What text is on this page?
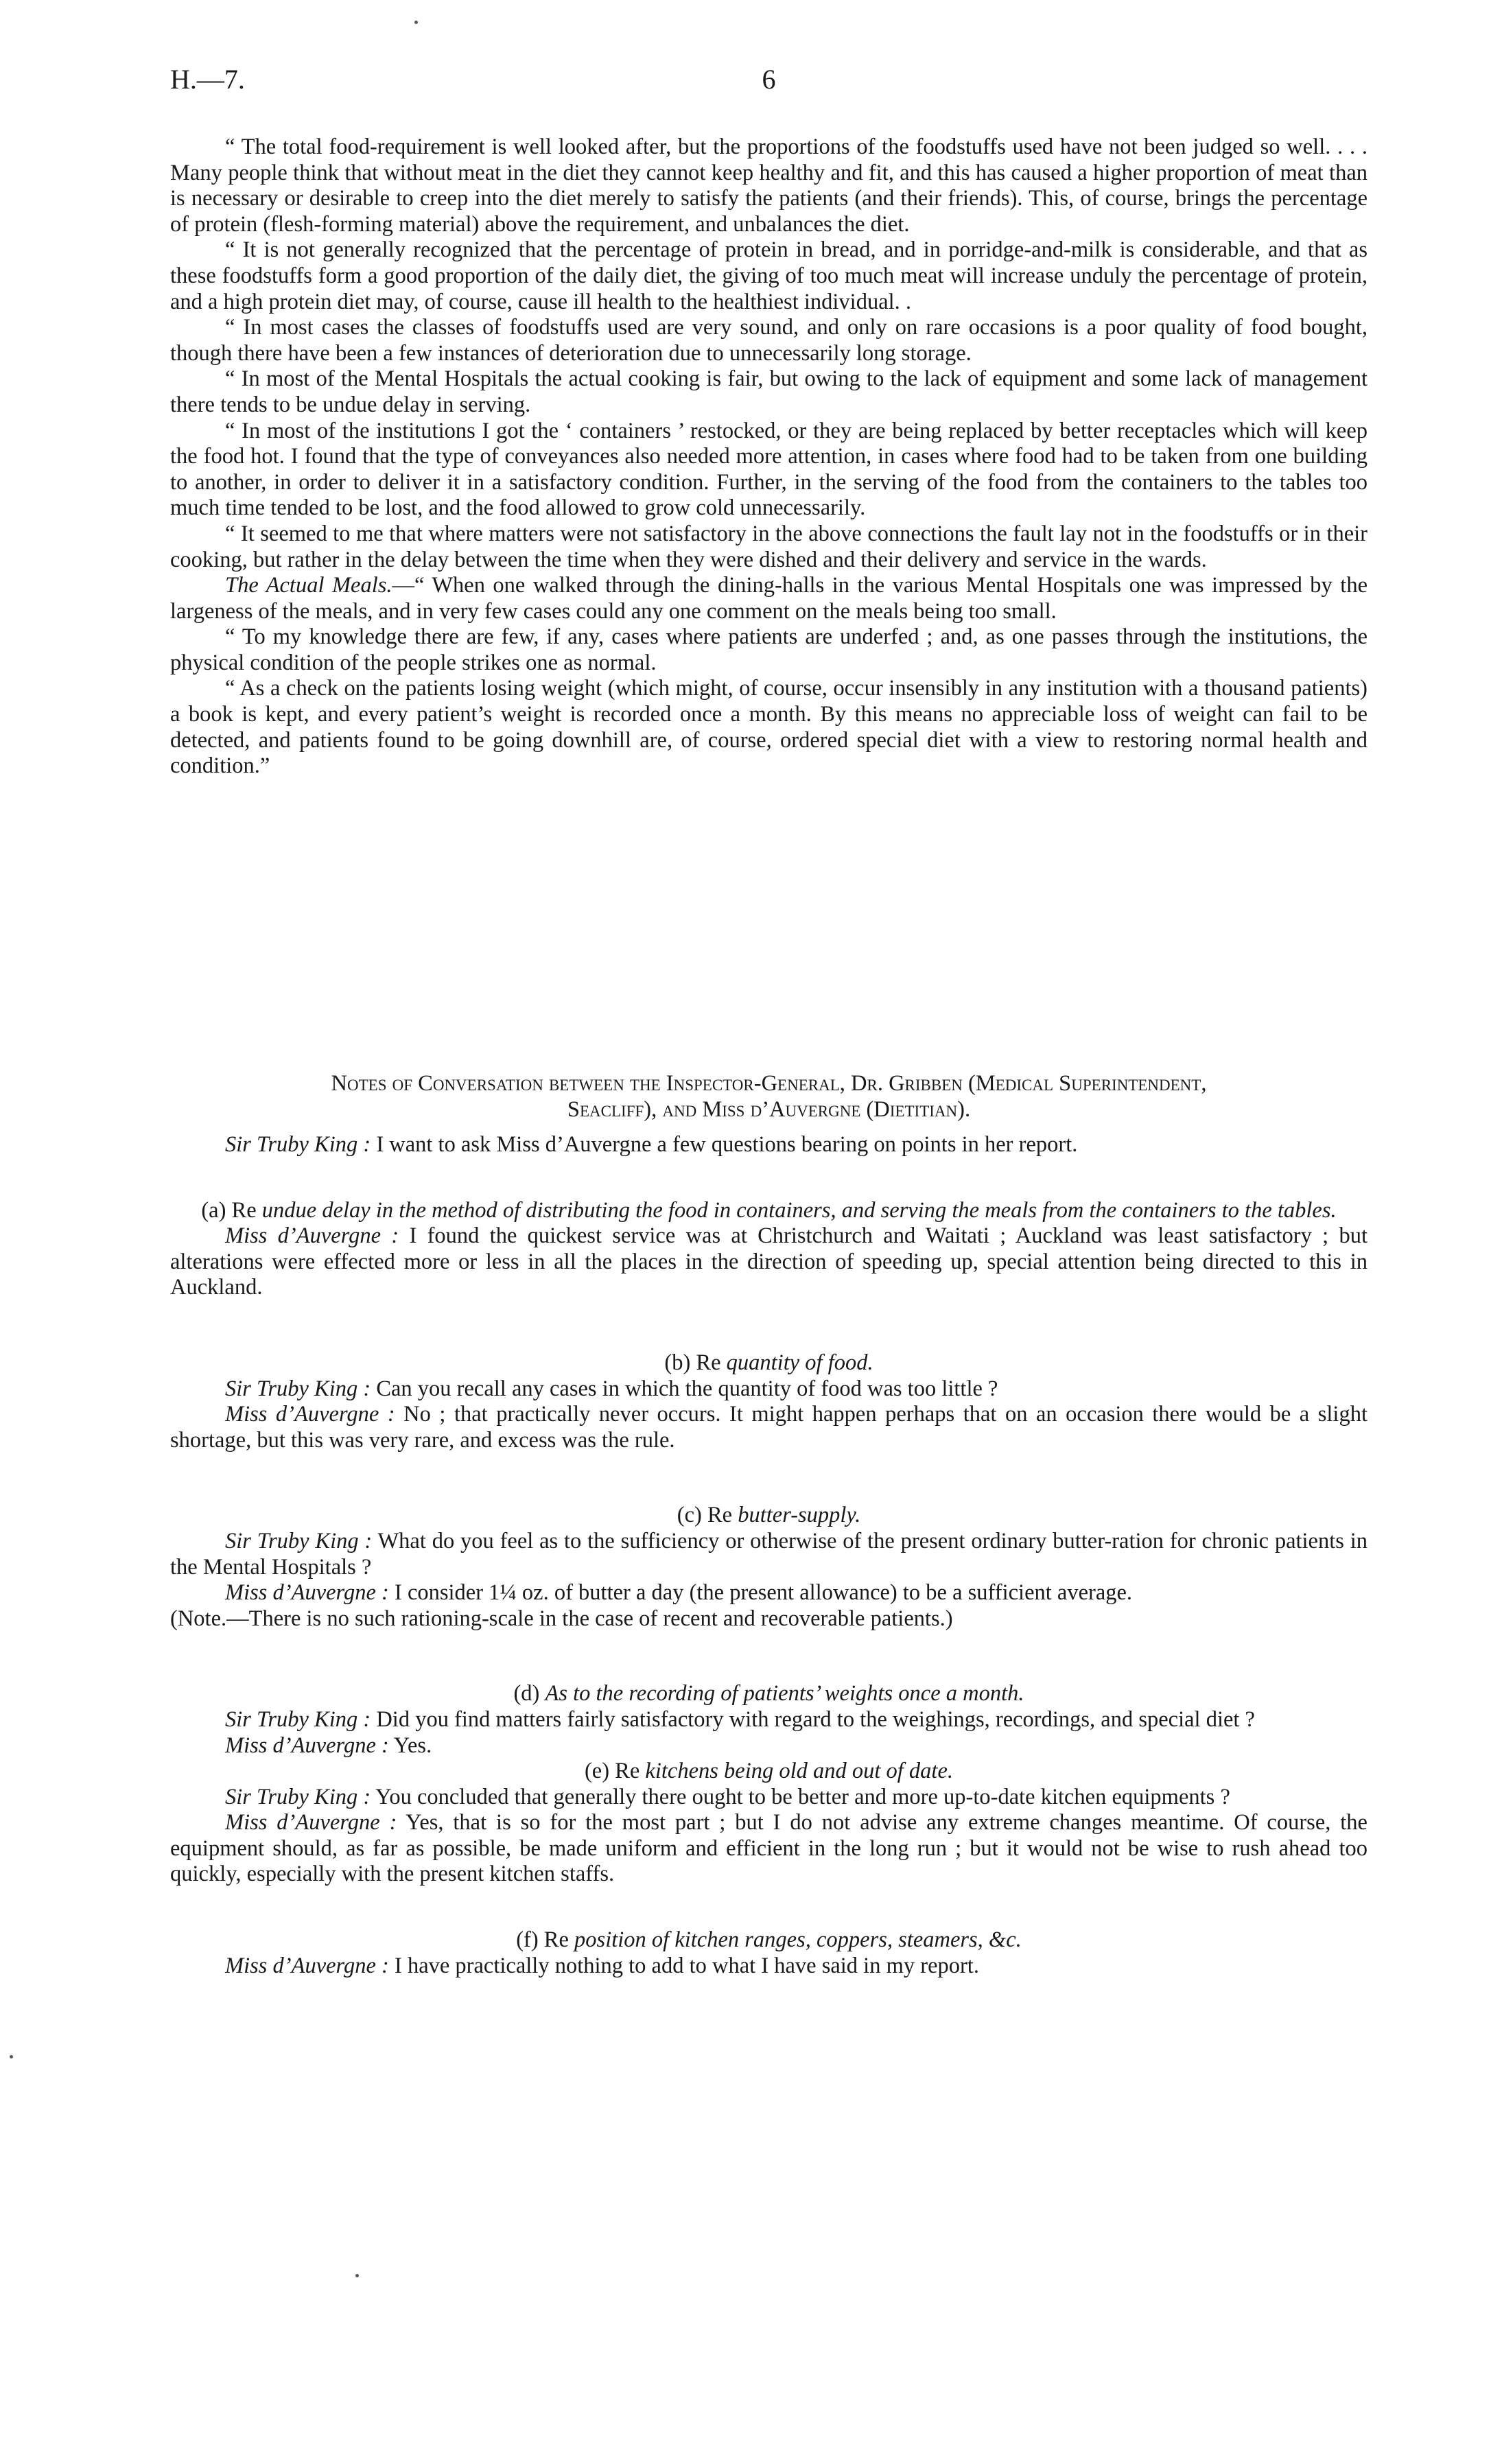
H.—7.	6

“ The total food-requirement is well looked after, but the proportions of the foodstuffs used have not been judged so well. . . . Many people think that without meat in the diet they cannot keep healthy and fit, and this has caused a higher proportion of meat than is necessary or desirable to creep into the diet merely to satisfy the patients (and their friends). This, of course, brings the percentage of protein (flesh-forming material) above the requirement, and unbalances the diet.

“ It is not generally recognized that the percentage of protein in bread, and in porridge-and-milk is considerable, and that as these foodstuffs form a good proportion of the daily diet, the giving of too much meat will increase unduly the percentage of protein, and a high protein diet may, of course, cause ill health to the healthiest individual. .

“ In most cases the classes of foodstuffs used are very sound, and only on rare occasions is a poor quality of food bought, though there have been a few instances of deterioration due to unnecessarily long storage.

“ In most of the Mental Hospitals the actual cooking is fair, but owing to the lack of equipment and some lack of management there tends to be undue delay in serving.

“ In most of the institutions I got the ‘ containers ’ restocked, or they are being replaced by better receptacles which will keep the food hot. I found that the type of conveyances also needed more attention, in cases where food had to be taken from one building to another, in order to deliver it in a satisfactory condition. Further, in the serving of the food from the containers to the tables too much time tended to be lost, and the food allowed to grow cold unnecessarily.

“ It seemed to me that where matters were not satisfactory in the above connections the fault lay not in the foodstuffs or in their cooking, but rather in the delay between the time when they were dished and their delivery and service in the wards.

The Actual Meals.—“ When one walked through the dining-halls in the various Mental Hospitals one was impressed by the largeness of the meals, and in very few cases could any one comment on the meals being too small.

“ To my knowledge there are few, if any, cases where patients are underfed ; and, as one passes through the institutions, the physical condition of the people strikes one as normal.

“ As a check on the patients losing weight (which might, of course, occur insensibly in any institution with a thousand patients) a book is kept, and every patient’s weight is recorded once a month. By this means no appreciable loss of weight can fail to be detected, and patients found to be going downhill are, of course, ordered special diet with a view to restoring normal health and condition.”

Notes of Conversation between the Inspector-General, Dr. Gribben (Medical Superintendent,
Seacliff), and Miss d’Auvergne (Dietitian).

Sir Truby King : I want to ask Miss d’Auvergne a few questions bearing on points in her report.

(a) Re undue delay in the method of distributing the food in containers, and serving the meals from the containers to the tables.

Miss d’Auvergne : I found the quickest service was at Christchurch and Waitati ; Auckland was least satisfactory ; but alterations were effected more or less in all the places in the direction of speeding up, special attention being directed to this in Auckland.

(b) Re quantity of food.

Sir Truby King : Can you recall any cases in which the quantity of food was too little ?

Miss d’Auvergne : No ; that practically never occurs. It might happen perhaps that on an occasion there would be a slight shortage, but this was very rare, and excess was the rule.

(c) Re butter-supply.

Sir Truby King : What do you feel as to the sufficiency or otherwise of the present ordinary butter-ration for chronic patients in the Mental Hospitals ?

Miss d’Auvergne : I consider 1¼ oz. of butter a day (the present allowance) to be a sufficient average.

(Note.—There is no such rationing-scale in the case of recent and recoverable patients.)

(d) As to the recording of patients’ weights once a month.

Sir Truby King : Did you find matters fairly satisfactory with regard to the weighings, recordings, and special diet ?

Miss d’Auvergne : Yes.

(e) Re kitchens being old and out of date.

Sir Truby King : You concluded that generally there ought to be better and more up-to-date kitchen equipments ?

Miss d’Auvergne : Yes, that is so for the most part ; but I do not advise any extreme changes meantime. Of course, the equipment should, as far as possible, be made uniform and efficient in the long run ; but it would not be wise to rush ahead too quickly, especially with the present kitchen staffs.

(f) Re position of kitchen ranges, coppers, steamers, &c.

Miss d’Auvergne : I have practically nothing to add to what I have said in my report.
